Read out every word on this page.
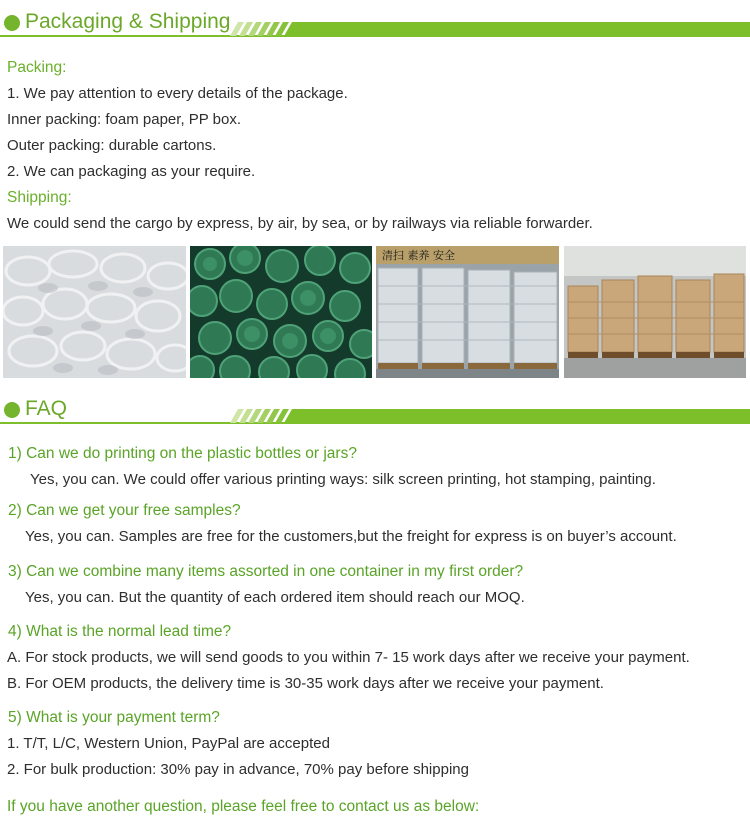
Packaging & Shipping
Packing:
1. We pay attention to every details of the package.
Inner packing: foam paper, PP box.
Outer packing: durable cartons.
2. We can packaging as your require.
Shipping:
We could send the cargo by express, by air, by sea, or by railways via reliable forwarder.
清扫 素养 安全
FAQ
1) Can we do printing on the plastic bottles or jars?
Yes, you can. We could offer various printing ways: silk screen printing, hot stamping, painting.
2) Can we get your free samples?
Yes, you can. Samples are free for the customers,but the freight for express is on buyer’s account.
3) Can we combine many items assorted in one container in my first order?
Yes, you can. But the quantity of each ordered item should reach our MOQ.
4) What is the normal lead time?
A. For stock products, we will send goods to you within 7- 15 work days after we receive your payment.
B. For OEM products, the delivery time is 30-35 work days after we receive your payment.
5) What is your payment term?
1. T/T, L/C, Western Union, PayPal are accepted
2. For bulk production: 30% pay in advance, 70% pay before shipping
If you have another question, please feel free to contact us as below:
